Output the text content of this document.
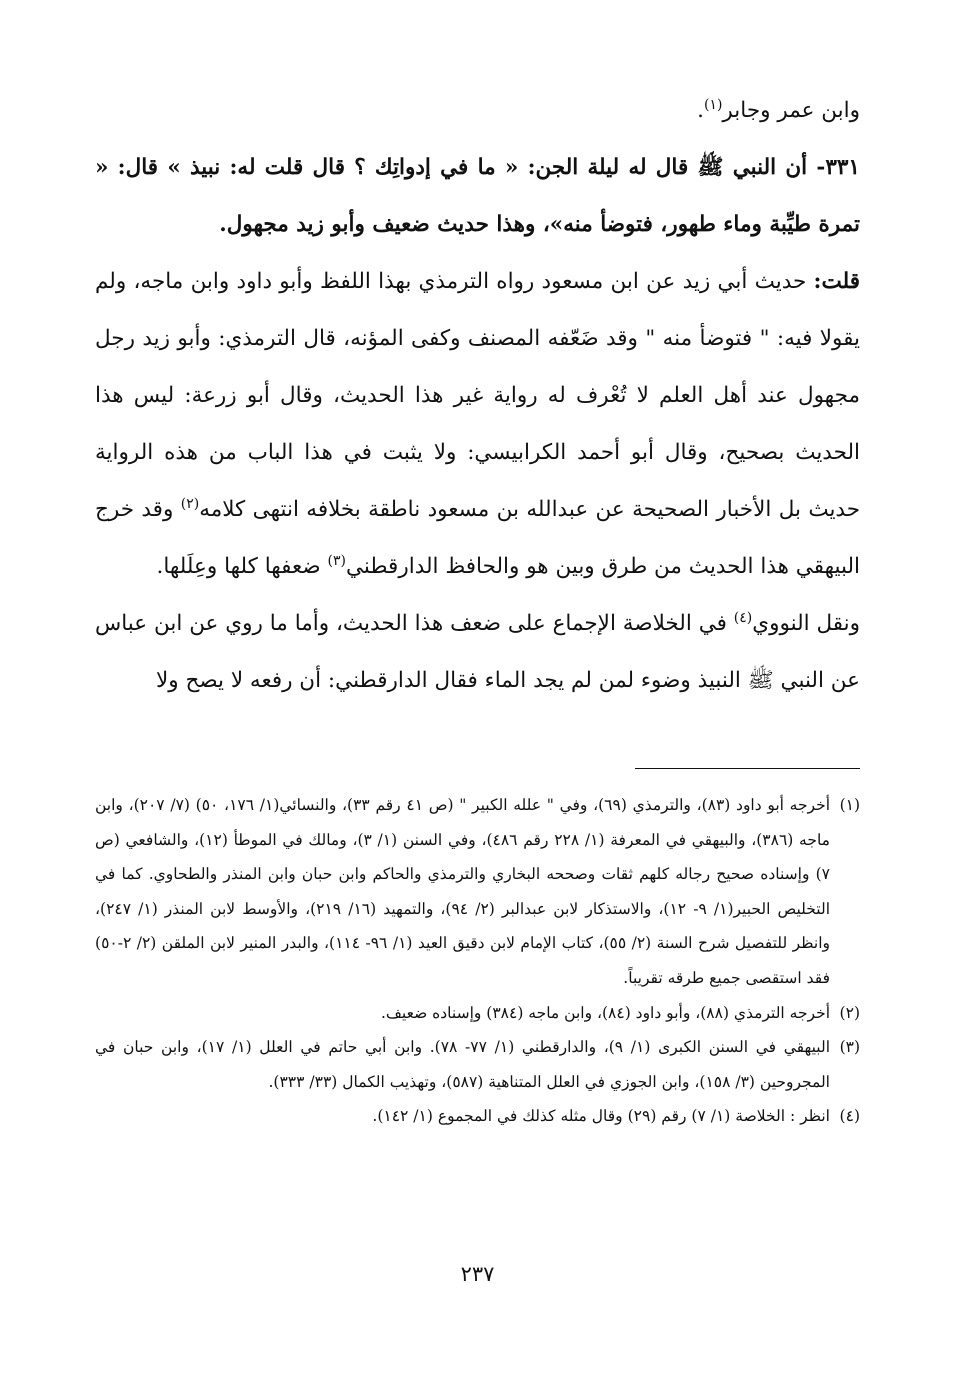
وابن عمر وجابر$^{(١)}$.

٣٣١- أن النبي ﷺ قال له ليلة الجن: « ما في إدواتِك ؟ قال قلت له: نبيذ » قال: « تمرة طيِّبة وماء طهور، فتوضأ منه»، وهذا حديث ضعيف وأبو زيد مجهول.

قلت: حديث أبي زيد عن ابن مسعود رواه الترمذي بهذا اللفظ وأبو داود وابن ماجه، ولم يقولا فيه: " فتوضأ منه " وقد ضَعّفه المصنف وكفى المؤنه، قال الترمذي: وأبو زيد رجل مجهول عند أهل العلم لا تُعْرف له رواية غير هذا الحديث، وقال أبو زرعة: ليس هذا الحديث بصحيح، وقال أبو أحمد الكرابيسي: ولا يثبت في هذا الباب من هذه الرواية حديث بل الأخبار الصحيحة عن عبدالله بن مسعود ناطقة بخلافه انتهى كلامه$^{(٢)}$ وقد خرج البيهقي هذا الحديث من طرق وبين هو والحافظ الدارقطني$^{(٣)}$ ضعفها كلها وعِلَلها.

ونقل النووي$^{(٤)}$ في الخلاصة الإجماع على ضعف هذا الحديث، وأما ما روي عن ابن عباس عن النبي ﷺ النبيذ وضوء لمن لم يجد الماء فقال الدارقطني: أن رفعه لا يصح ولا

(١)أخرجه أبو داود (٨٣)، والترمذي (٦٩)، وفي " علله الكبير " (ص ٤١ رقم ٣٣)، والنسائي(١/ ١٧٦، ٥٠) (٧/ ٢٠٧)، وابن ماجه (٣٨٦)، والبيهقي في المعرفة (١/ ٢٢٨ رقم ٤٨٦)، وفي السنن (١/ ٣)، ومالك في الموطأ (١٢)، والشافعي (ص ٧) وإسناده صحيح رجاله كلهم ثقات وصححه البخاري والترمذي والحاكم وابن حبان وابن المنذر والطحاوي. كما في التخليص الحبير(١/ ٩- ١٢)، والاستذكار لابن عبدالبر (٢/ ٩٤)، والتمهيد (١٦/ ٢١٩)، والأوسط لابن المنذر (١/ ٢٤٧)، وانظر للتفصيل شرح السنة (٢/ ٥٥)، كتاب الإمام لابن دقيق العيد (١/ ٩٦- ١١٤)، والبدر المنير لابن الملقن (٢/ ٢-٥٠) فقد استقصى جميع طرقه تقريباً.

(٢)أخرجه الترمذي (٨٨)، وأبو داود (٨٤)، وابن ماجه (٣٨٤) وإسناده ضعيف.

(٣)البيهقي في السنن الكبرى (١/ ٩)، والدارقطني (١/ ٧٧- ٧٨). وابن أبي حاتم في العلل (١/ ١٧)، وابن حبان في المجروحين (٣/ ١٥٨)، وابن الجوزي في العلل المتناهية (٥٨٧)، وتهذيب الكمال (٣٣/ ٣٣٣).

(٤)انظر : الخلاصة (١/ ٧) رقم (٢٩) وقال مثله كذلك في المجموع (١/ ١٤٢).

٢٣٧
